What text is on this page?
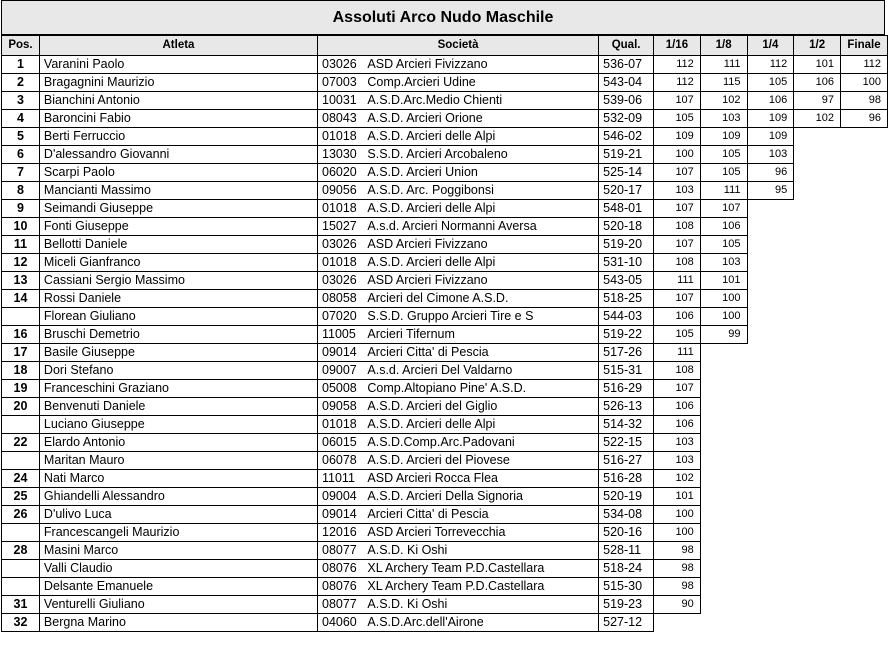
Assoluti Arco Nudo Maschile
Pos.	Atleta	Società		Qual.	1/16	1/8	1/4	1/2	Finale
1	Varanini Paolo	03026	ASD Arcieri Fivizzano	536-07	112	111	112	101	112
2	Bragagnini Maurizio	07003	Comp.Arcieri Udine	543-04	112	115	105	106	100
3	Bianchini Antonio	10031	A.S.D.Arc.Medio Chienti	539-06	107	102	106	97	98
4	Baroncini Fabio	08043	A.S.D. Arcieri Orione	532-09	105	103	109	102	96
5	Berti Ferruccio	01018	A.S.D. Arcieri delle Alpi	546-02	109	109	109		
6	D'alessandro Giovanni	13030	S.S.D. Arcieri Arcobaleno	519-21	100	105	103		
7	Scarpi Paolo	06020	A.S.D. Arcieri Union	525-14	107	105	96		
8	Mancianti Massimo	09056	A.S.D. Arc. Poggibonsi	520-17	103	111	95		
9	Seimandi Giuseppe	01018	A.S.D. Arcieri delle Alpi	548-01	107	107			
10	Fonti Giuseppe	15027	A.s.d. Arcieri Normanni Aversa	520-18	108	106			
11	Bellotti Daniele	03026	ASD Arcieri Fivizzano	519-20	107	105			
12	Miceli Gianfranco	01018	A.S.D. Arcieri delle Alpi	531-10	108	103			
13	Cassiani Sergio Massimo	03026	ASD Arcieri Fivizzano	543-05	111	101			
14	Rossi Daniele	08058	Arcieri del Cimone A.S.D.	518-25	107	100			
	Florean Giuliano	07020	S.S.D. Gruppo Arcieri Tire e S	544-03	106	100			
16	Bruschi Demetrio	11005	Arcieri Tifernum	519-22	105	99			
17	Basile Giuseppe	09014	Arcieri Citta' di Pescia	517-26	111				
18	Dori Stefano	09007	A.s.d. Arcieri Del Valdarno	515-31	108				
19	Franceschini Graziano	05008	Comp.Altopiano Pine' A.S.D.	516-29	107				
20	Benvenuti Daniele	09058	A.S.D. Arcieri del Giglio	526-13	106				
	Luciano Giuseppe	01018	A.S.D. Arcieri delle Alpi	514-32	106				
22	Elardo Antonio	06015	A.S.D.Comp.Arc.Padovani	522-15	103				
	Maritan Mauro	06078	A.S.D. Arcieri del Piovese	516-27	103				
24	Nati Marco	11011	ASD Arcieri Rocca Flea	516-28	102				
25	Ghiandelli Alessandro	09004	A.S.D. Arcieri Della Signoria	520-19	101				
26	D'ulivo Luca	09014	Arcieri Citta' di Pescia	534-08	100				
	Francescangeli Maurizio	12016	ASD Arcieri Torrevecchia	520-16	100				
28	Masini Marco	08077	A.S.D. Ki Oshi	528-11	98				
	Valli Claudio	08076	XL Archery Team P.D.Castellara	518-24	98				
	Delsante Emanuele	08076	XL Archery Team P.D.Castellara	515-30	98				
31	Venturelli Giuliano	08077	A.S.D. Ki Oshi	519-23	90				
32	Bergna Marino	04060	A.S.D.Arc.dell'Airone	527-12					
